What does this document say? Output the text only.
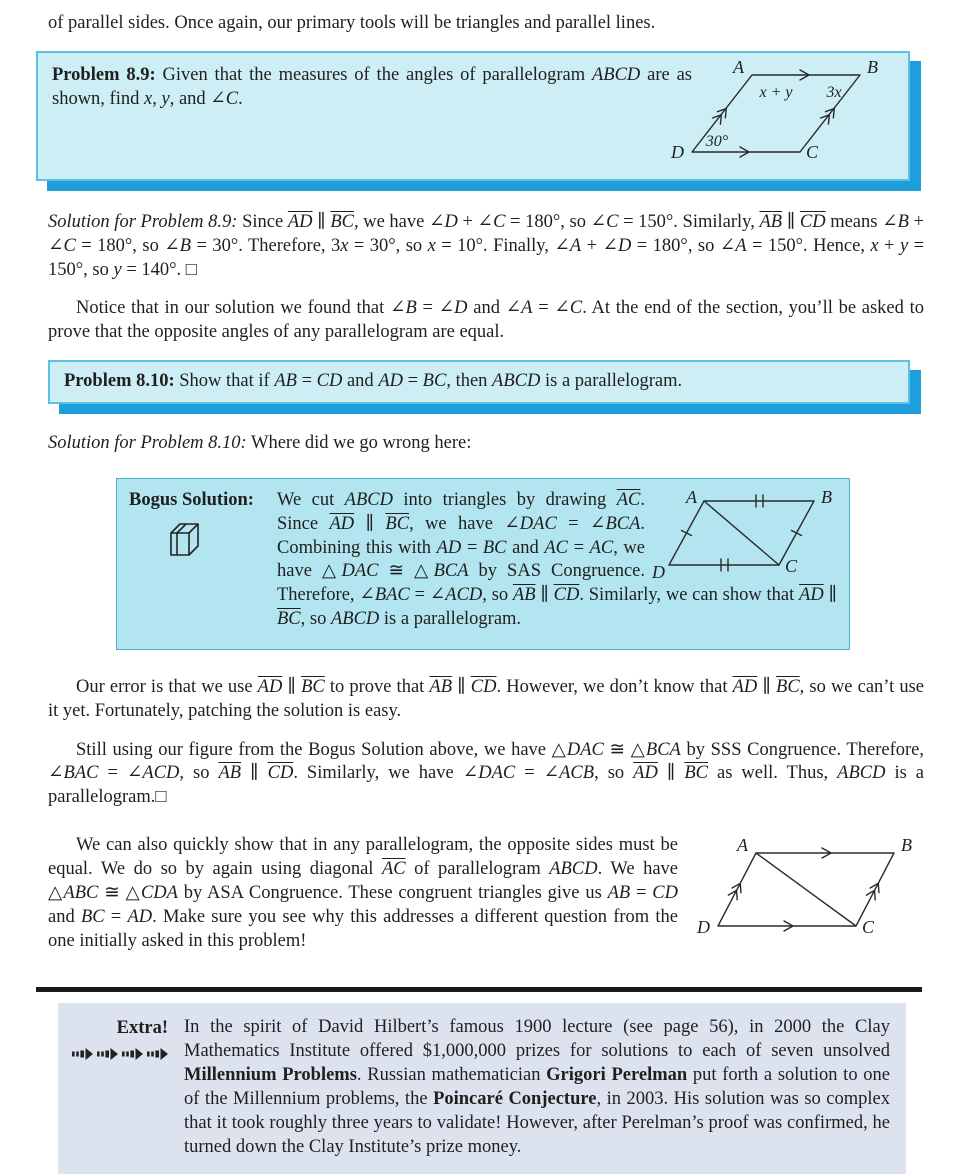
of parallel sides. Once again, our primary tools will be triangles and parallel lines.

Problem 8.9: Given that the measures of the angles of parallelogram ABCD are as shown, find x, y, and ∠C.
A	B
C
D
x + y 3x
30°

Solution for Problem 8.9: Since $\overline{AD}$ ∥ $\overline{BC}$, we have ∠D + ∠C = 180°, so ∠C = 150°. Similarly, $\overline{AB}$ ∥ $\overline{CD}$ means ∠B + ∠C = 180°, so ∠B = 30°. Therefore, 3x = 30°, so x = 10°. Finally, ∠A + ∠D = 180°, so ∠A = 150°. Hence, x + y = 150°, so y = 140°. □

Notice that in our solution we found that ∠B = ∠D and ∠A = ∠C. At the end of the section, you’ll be asked to prove that the opposite angles of any parallelogram are equal.

Problem 8.10: Show that if AB = CD and AD = BC, then ABCD is a parallelogram.

Solution for Problem 8.10: Where did we go wrong here:

Bogus Solution:	A	B
C
D
We cut ABCD into triangles by drawing $\overline{AC}$. Since $\overline{AD}$ ∥ $\overline{BC}$, we have ∠DAC = ∠BCA. Combining this with AD = BC and AC = AC, we have △DAC ≅ △BCA by SAS Congruence. Therefore, ∠BAC = ∠ACD, so $\overline{AB}$ ∥ $\overline{CD}$. Similarly, we can show that $\overline{AD}$ ∥ $\overline{BC}$, so ABCD is a parallelogram.

Our error is that we use $\overline{AD}$ ∥ $\overline{BC}$ to prove that $\overline{AB}$ ∥ $\overline{CD}$. However, we don’t know that $\overline{AD}$ ∥ $\overline{BC}$, so we can’t use it yet. Fortunately, patching the solution is easy.

Still using our figure from the Bogus Solution above, we have △DAC ≅ △BCA by SSS Congruence. Therefore, ∠BAC = ∠ACD, so $\overline{AB}$ ∥ $\overline{CD}$. Similarly, we have ∠DAC = ∠ACB, so $\overline{AD}$ ∥ $\overline{BC}$ as well. Thus, ABCD is a parallelogram.□

A	B
C
D

We can also quickly show that in any parallelogram, the opposite sides must be equal. We do so by again using diagonal $\overline{AC}$ of parallelogram ABCD. We have △ABC ≅ △CDA by ASA Congruence. These congruent triangles give us AB = CD and BC = AD. Make sure you see why this addresses a different question from the one initially asked in this problem!

Extra! In the spirit of David Hilbert’s famous 1900 lecture (see page 56), in 2000 the Clay Mathematics Institute offered $1,000,000 prizes for solutions to each of seven unsolved Millennium Problems. Russian mathematician Grigori Perelman put forth a solution to one of the Millennium problems, the Poincaré Conjecture, in 2003. His solution was so complex that it took roughly three years to validate! However, after Perelman’s proof was confirmed, he turned down the Clay Institute’s prize money.
